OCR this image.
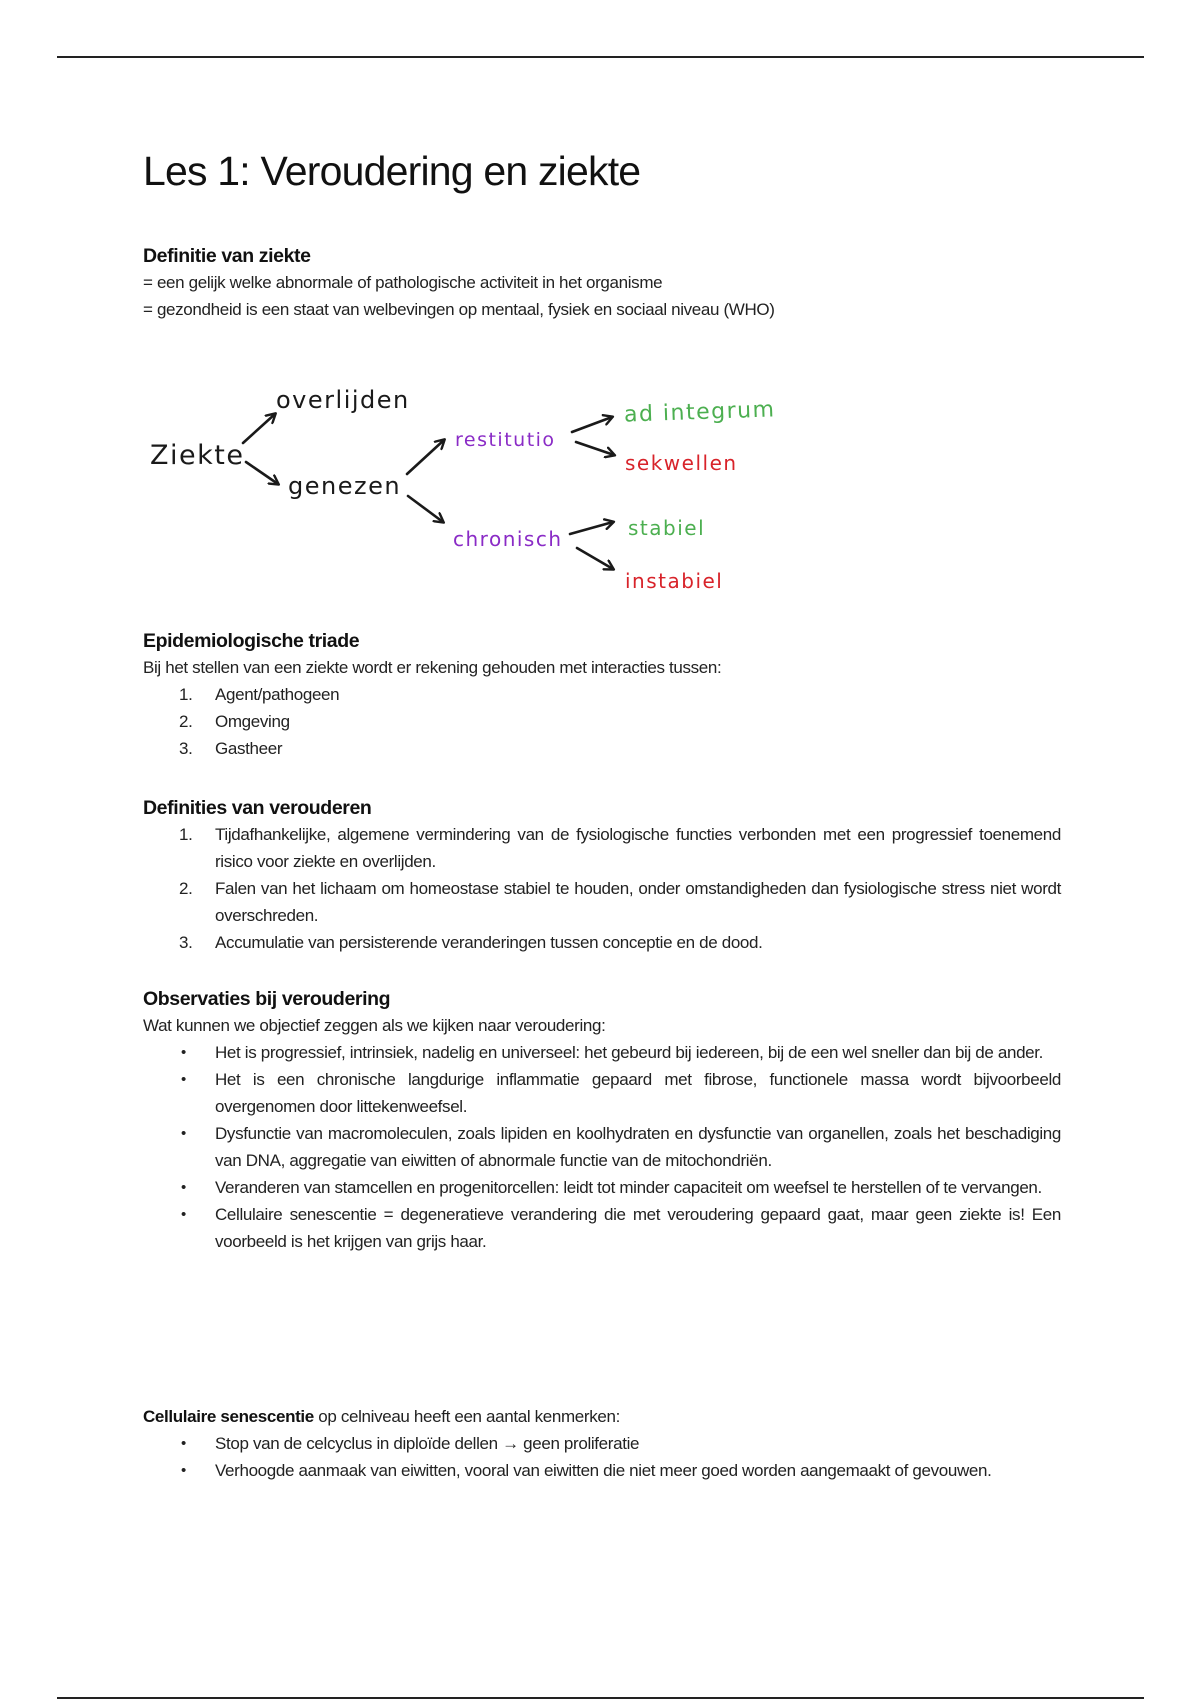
Ziekte
overlijden
genezen
restitutio
chronisch
ad integrum
sekwellen
stabiel
instabiel
Les 1: Veroudering en ziekte
Definitie van ziekte

= een gelijk welke abnormale of pathologische activiteit in het organisme

= gezondheid is een staat van welbevingen op mentaal, fysiek en sociaal niveau (WHO)

Epidemiologische triade

Bij het stellen van een ziekte wordt er rekening gehouden met interacties tussen:

1.	Agent/pathogeen
2.	Omgeving
3.	Gastheer
Definities van verouderen
1.	Tijdafhankelijke, algemene vermindering van de fysiologische functies verbonden met een progressief toenemend risico voor ziekte en overlijden.
2.	Falen van het lichaam om homeostase stabiel te houden, onder omstandigheden dan fysiologische stress niet wordt overschreden.
3.	Accumulatie van persisterende veranderingen tussen conceptie en de dood.
Observaties bij veroudering

Wat kunnen we objectief zeggen als we kijken naar veroudering:

•	Het is progressief, intrinsiek, nadelig en universeel: het gebeurd bij iedereen, bij de een wel sneller dan bij de ander.
•	Het is een chronische langdurige inflammatie gepaard met fibrose, functionele massa wordt bijvoorbeeld overgenomen door littekenweefsel.
•	Dysfunctie van macromoleculen, zoals lipiden en koolhydraten en dysfunctie van organellen, zoals het beschadiging van DNA, aggregatie van eiwitten of abnormale functie van de mitochondriën.
•	Veranderen van stamcellen en progenitorcellen: leidt tot minder capaciteit om weefsel te herstellen of te vervangen.
•	Cellulaire senescentie = degeneratieve verandering die met veroudering gepaard gaat, maar geen ziekte is! Een voorbeeld is het krijgen van grijs haar.

Cellulaire senescentie op celniveau heeft een aantal kenmerken:

•	Stop van de celcyclus in diploïde dellen → geen proliferatie
•	Verhoogde aanmaak van eiwitten, vooral van eiwitten die niet meer goed worden aangemaakt of gevouwen.
